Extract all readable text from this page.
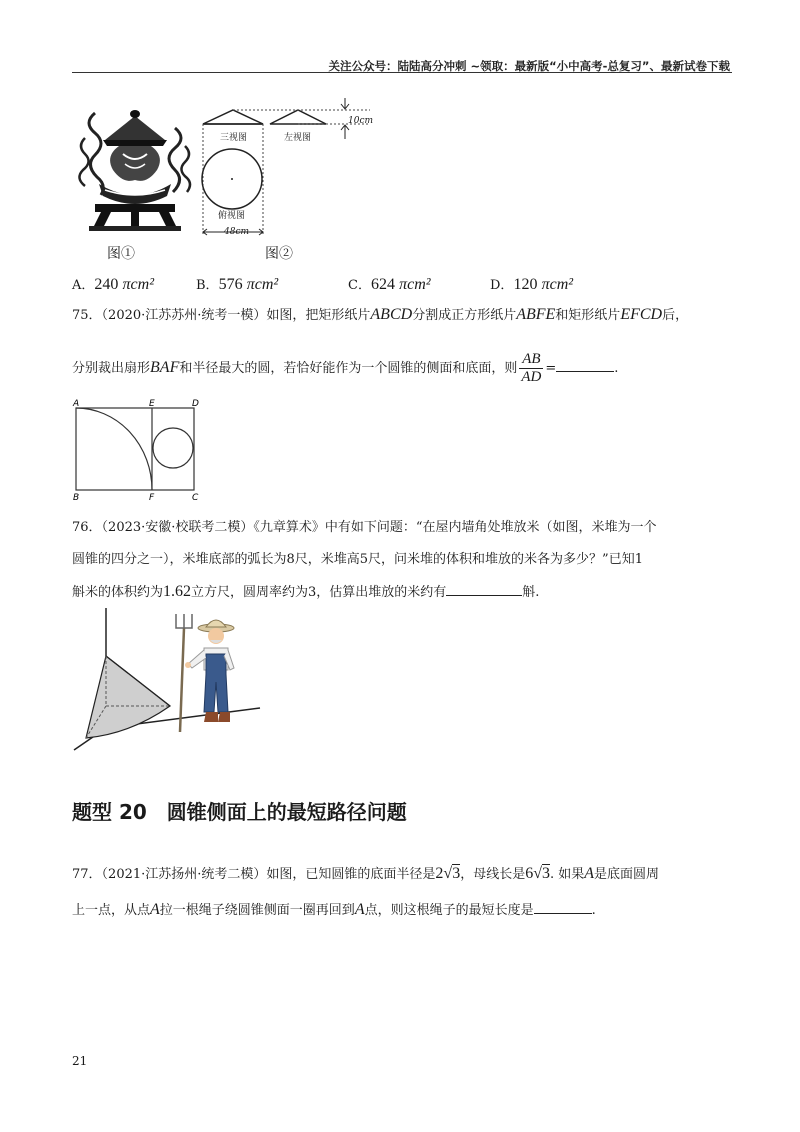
关注公众号：陆陆高分冲刺 ~领取：最新版“小中高考-总复习”、最新试卷下载
图①
三视图	左视图
俯视图
10cm
48cm
图②
A．240 πcm²	B．576 πcm²	C．624 πcm²	D．120 πcm²
75．（2020·江苏苏州·统考一模）如图，把矩形纸片ABCD分割成正方形纸片ABFE和矩形纸片EFCD后，
分别裁出扇形BAF和半径最大的圆，若恰好能作为一个圆锥的侧面和底面，则 $\frac{AB}{AD}$ =	.
A	E	D
B	F	C
76．（2023·安徽·校联考二模）《九章算术》中有如下问题：“在屋内墙角处堆放米（如图，米堆为一个
圆锥的四分之一），米堆底部的弧长为8尺，米堆高5尺，问米堆的体积和堆放的米各为多少？”已知1
斛米的体积约为1.62立方尺，圆周率约为3，估算出堆放的米约有	斛.
题型 20　圆锥侧面上的最短路径问题
77．（2021·江苏扬州·统考二模）如图，已知圆锥的底面半径是2√3，母线长是6√3. 如果A是底面圆周
上一点，从点A拉一根绳子绕圆锥侧面一圈再回到A点，则这根绳子的最短长度是	.
21
